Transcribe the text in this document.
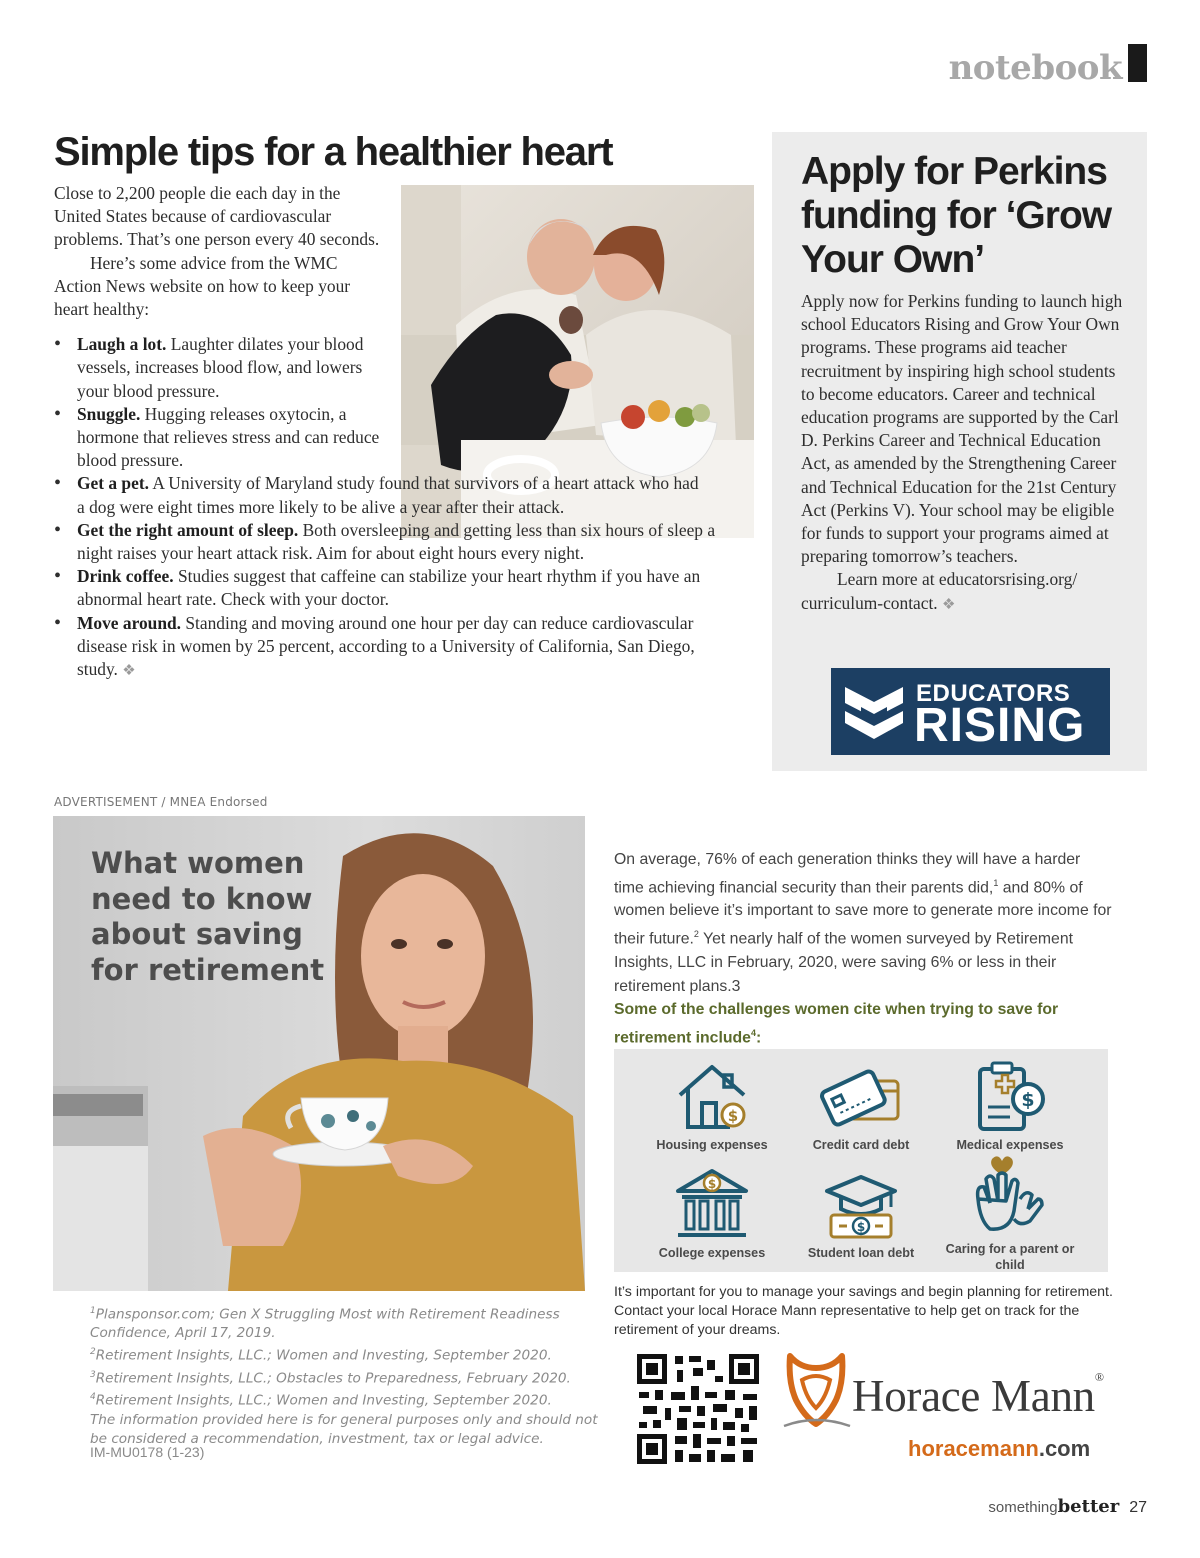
notebook
Simple tips for a healthier heart

Close to 2,200 people die each day in the United States because of cardiovascular problems. That’s one person every 40 seconds.

Here’s some advice from the WMC Action News website on how to keep your heart healthy:

• Laugh a lot. Laughter dilates your blood vessels, increases blood flow, and lowers your blood pressure.
• Snuggle. Hugging releases oxytocin, a hormone that relieves stress and can reduce blood pressure.
• Get a pet. A University of Maryland study found that survivors of a heart attack who had a dog were eight times more likely to be alive a year after their attack.
• Get the right amount of sleep. Both oversleeping and getting less than six hours of sleep a night raises your heart attack risk. Aim for about eight hours every night.
• Drink coffee. Studies suggest that caffeine can stabilize your heart rhythm if you have an abnormal heart rate. Check with your doctor.
• Move around. Standing and moving around one hour per day can reduce cardiovascular disease risk in women by 25 percent, according to a University of California, San Diego, study. ❖
Apply for Perkins funding for ‘Grow Your Own’

Apply now for Perkins funding to launch high school Educators Rising and Grow Your Own programs. These programs aid teacher recruitment by inspiring high school students to become educators. Career and technical education programs are supported by the Carl D. Perkins Career and Technical Education Act, as amended by the Strengthening Career and Technical Education for the 21st Century Act (Perkins V). Your school may be eligible for funds to support your programs aimed at preparing tomorrow’s teachers.

Learn more at educatorsrising.org/ curriculum-contact. ❖

EDUCATORS
RISING
ADVERTISEMENT / MNEA Endorsed
What women need to know about saving for retirement
On average, 76% of each generation thinks they will have a harder time achieving financial security than their parents did,$^1$ and 80% of women believe it’s important to save more to generate more income for their future.$^2$ Yet nearly half of the women surveyed by Retirement Insights, LLC in February, 2020, were saving 6% or less in their retirement plans.3
Some of the challenges women cite when trying to save for retirement include$^4$:
$
Housing expenses	Credit card debt
$
Medical expenses
$
College expenses
$
Student loan debt	Caring for a parent or child
It’s important for you to manage your savings and begin planning for retirement. Contact your local Horace Mann representative to help get on track for the retirement of your dreams.
$^1$Plansponsor.com; Gen X Struggling Most with Retirement Readiness Confidence, April 17, 2019.
$^2$Retirement Insights, LLC.; Women and Investing, September 2020.
$^3$Retirement Insights, LLC.; Obstacles to Preparedness, February 2020.
$^4$Retirement Insights, LLC.; Women and Investing, September 2020.
The information provided here is for general purposes only and should not be considered a recommendation, investment, tax or legal advice.
IM-MU0178 (1-23)
Horace Mann®
horacemann.com
somethingbetter 27
